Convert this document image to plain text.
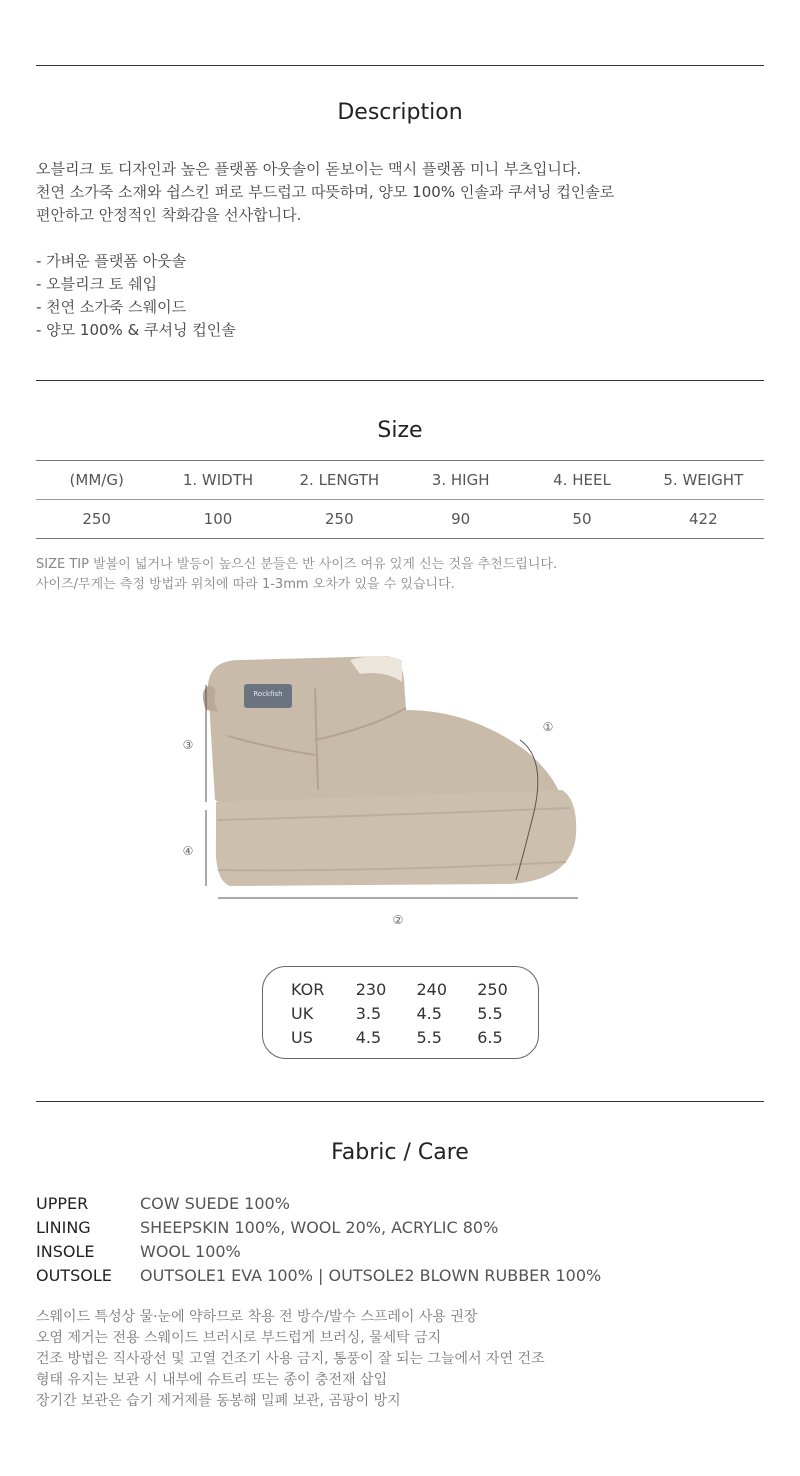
Description

오블리크 토 디자인과 높은 플랫폼 아웃솔이 돋보이는 맥시 플랫폼 미니 부츠입니다.

천연 소가죽 소재와 쉽스킨 퍼로 부드럽고 따뜻하며, 양모 100% 인솔과 쿠셔닝 컵인솔로

편안하고 안정적인 착화감을 선사합니다.

- 가벼운 플랫폼 아웃솔

- 오블리크 토 쉐입

- 천연 소가죽 스웨이드

- 양모 100% & 쿠셔닝 컵인솔

Size
(MM/G)	1. WIDTH	2. LENGTH	3. HIGH	4. HEEL	5. WEIGHT
250	100	250	90	50	422

SIZE TIP 발볼이 넓거나 발등이 높으신 분들은 반 사이즈 여유 있게 신는 것을 추천드립니다.

사이즈/무게는 측정 방법과 위치에 따라 1-3mm 오차가 있을 수 있습니다.

Rockfish
①
②
③
④
KOR	230	240	250
UK	3.5	4.5	5.5
US	4.5	5.5	6.5
Fabric / Care
UPPER	COW SUEDE 100%
LINING	SHEEPSKIN 100%, WOOL 20%, ACRYLIC 80%
INSOLE	WOOL 100%
OUTSOLE	OUTSOLE1 EVA 100% | OUTSOLE2 BLOWN RUBBER 100%

스웨이드 특성상 물·눈에 약하므로 착용 전 방수/발수 스프레이 사용 권장

오염 제거는 전용 스웨이드 브러시로 부드럽게 브러싱, 물세탁 금지

건조 방법은 직사광선 및 고열 건조기 사용 금지, 통풍이 잘 되는 그늘에서 자연 건조

형태 유지는 보관 시 내부에 슈트리 또는 종이 충전재 삽입

장기간 보관은 습기 제거제를 동봉해 밀폐 보관, 곰팡이 방지
